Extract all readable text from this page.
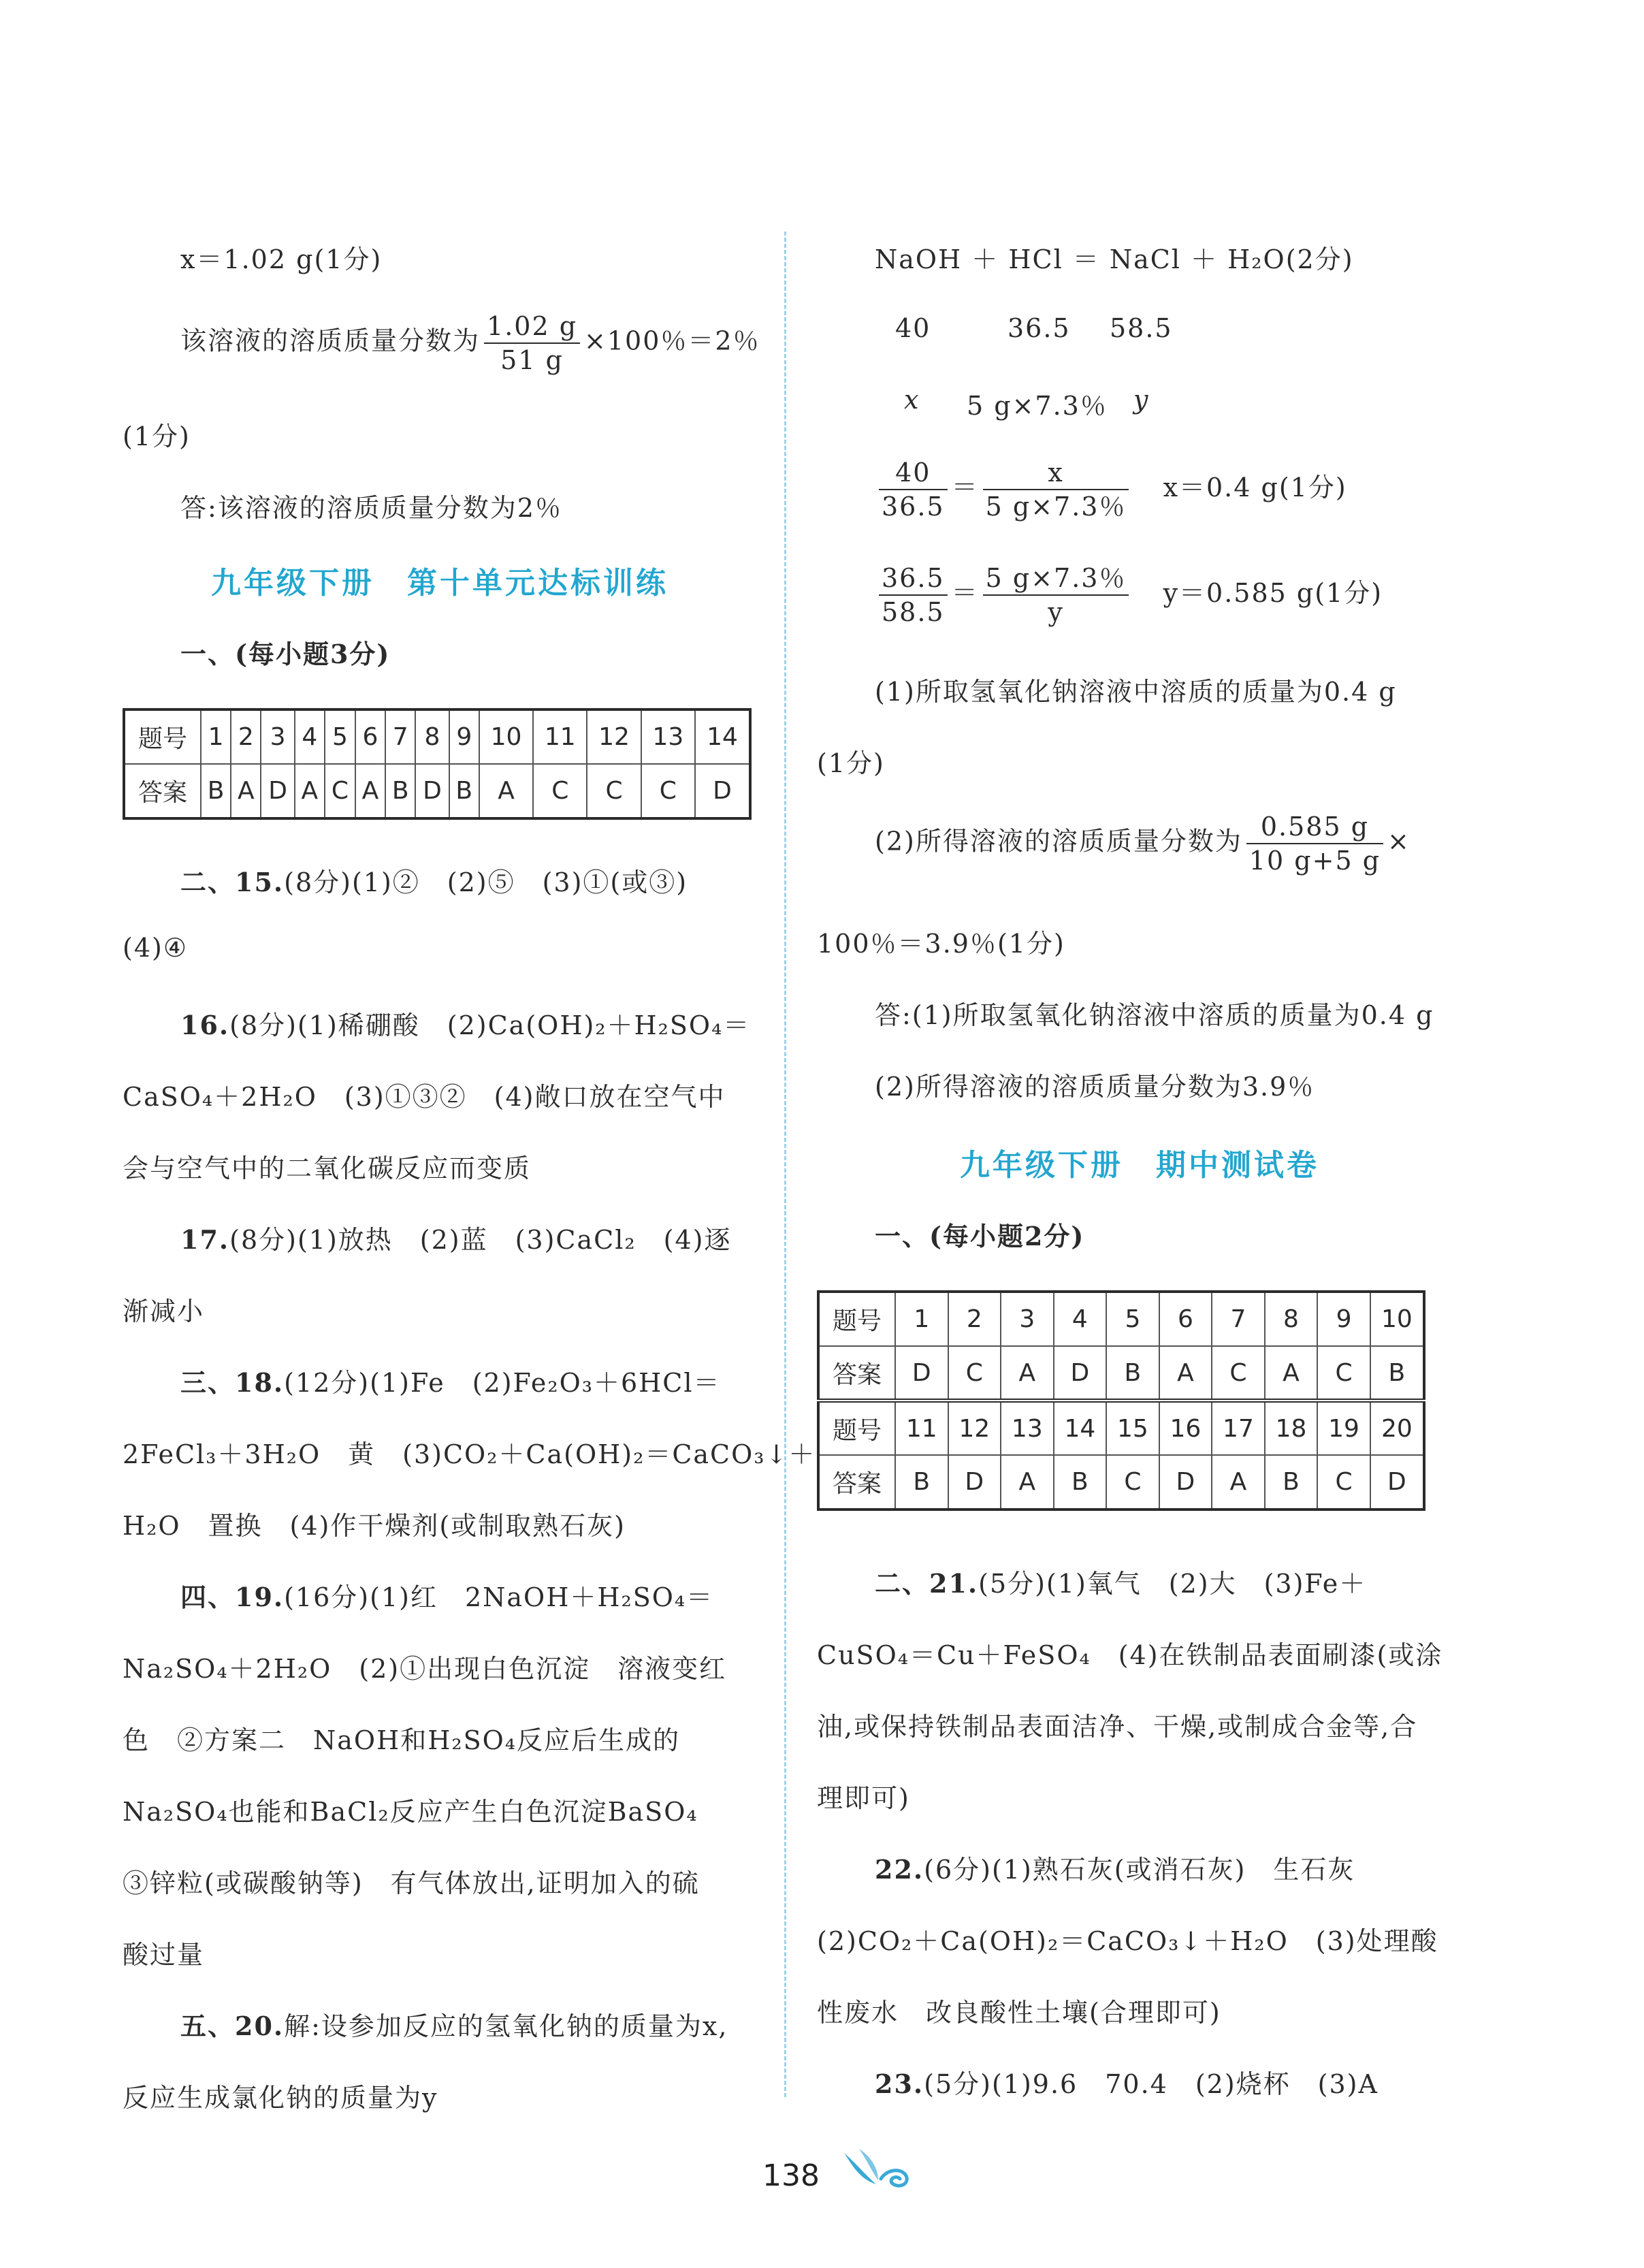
x＝1.02 g(1分)
该溶液的溶质质量分数为 $\frac{1.02 g}{51 g} \times 100$％＝2％
(1分)
答:该溶液的溶质质量分数为2％
九年级下册　第十单元达标训练
一、(每小题3分)
题号	1	2	3	4	5	6	7	8	9	10	11	12	13	14
答案	B	A	D	A	C	A	B	D	B	A	C	C	C	D
二、15.(8分)(1)②　(2)⑤　(3)①(或③)
(4)④
16.(8分)(1)稀硼酸　(2)Ca(OH)₂＋H₂SO₄＝
CaSO₄＋2H₂O　(3)①③②　(4)敞口放在空气中
会与空气中的二氧化碳反应而变质
17.(8分)(1)放热　(2)蓝　(3)CaCl₂　(4)逐
渐减小
三、18.(12分)(1)Fe　(2)Fe₂O₃＋6HCl＝
2FeCl₃＋3H₂O　黄　(3)CO₂＋Ca(OH)₂＝CaCO₃↓＋
H₂O　置换　(4)作干燥剂(或制取熟石灰)
四、19.(16分)(1)红　2NaOH＋H₂SO₄＝
Na₂SO₄＋2H₂O　(2)①出现白色沉淀　溶液变红
色　②方案二　NaOH和H₂SO₄反应后生成的
Na₂SO₄也能和BaCl₂反应产生白色沉淀BaSO₄
③锌粒(或碳酸钠等)　有气体放出,证明加入的硫
酸过量
五、20.解:设参加反应的氢氧化钠的质量为x,
反应生成氯化钠的质量为y
NaOH ＋ HCl ＝ NaCl ＋ H₂O(2分)
40	36.5 58.5
x 5 g×7.3％ y
$\frac{40}{36.5} = \frac{x}{5 g\times 7.3\%} x=0.4$ g(1分)
$\frac{36.5}{58.5} = \frac{5 g\times 7.3\%}{y} y=0.585$ g(1分)
(1)所取氢氧化钠溶液中溶质的质量为0.4 g
(1分)
(2)所得溶液的溶质质量分数为 $\frac{0.585 g}{10 g+5 g}$ ×
100％＝3.9％(1分)
答:(1)所取氢氧化钠溶液中溶质的质量为0.4 g
(2)所得溶液的溶质质量分数为3.9％
九年级下册　期中测试卷
一、(每小题2分)
题号	1	2	3	4	5	6	7	8	9	10
答案	D	C	A	D	B	A	C	A	C	B
题号	11	12	13	14	15	16	17	18	19	20
答案	B	D	A	B	C	D	A	B	C	D
二、21.(5分)(1)氧气　(2)大　(3)Fe＋
CuSO₄＝Cu＋FeSO₄　(4)在铁制品表面刷漆(或涂
油,或保持铁制品表面洁净、干燥,或制成合金等,合
理即可)
22.(6分)(1)熟石灰(或消石灰)　生石灰
(2)CO₂＋Ca(OH)₂＝CaCO₃↓＋H₂O　(3)处理酸
性废水　改良酸性土壤(合理即可)
23.(5分)(1)9.6　70.4　(2)烧杯　(3)A
138
